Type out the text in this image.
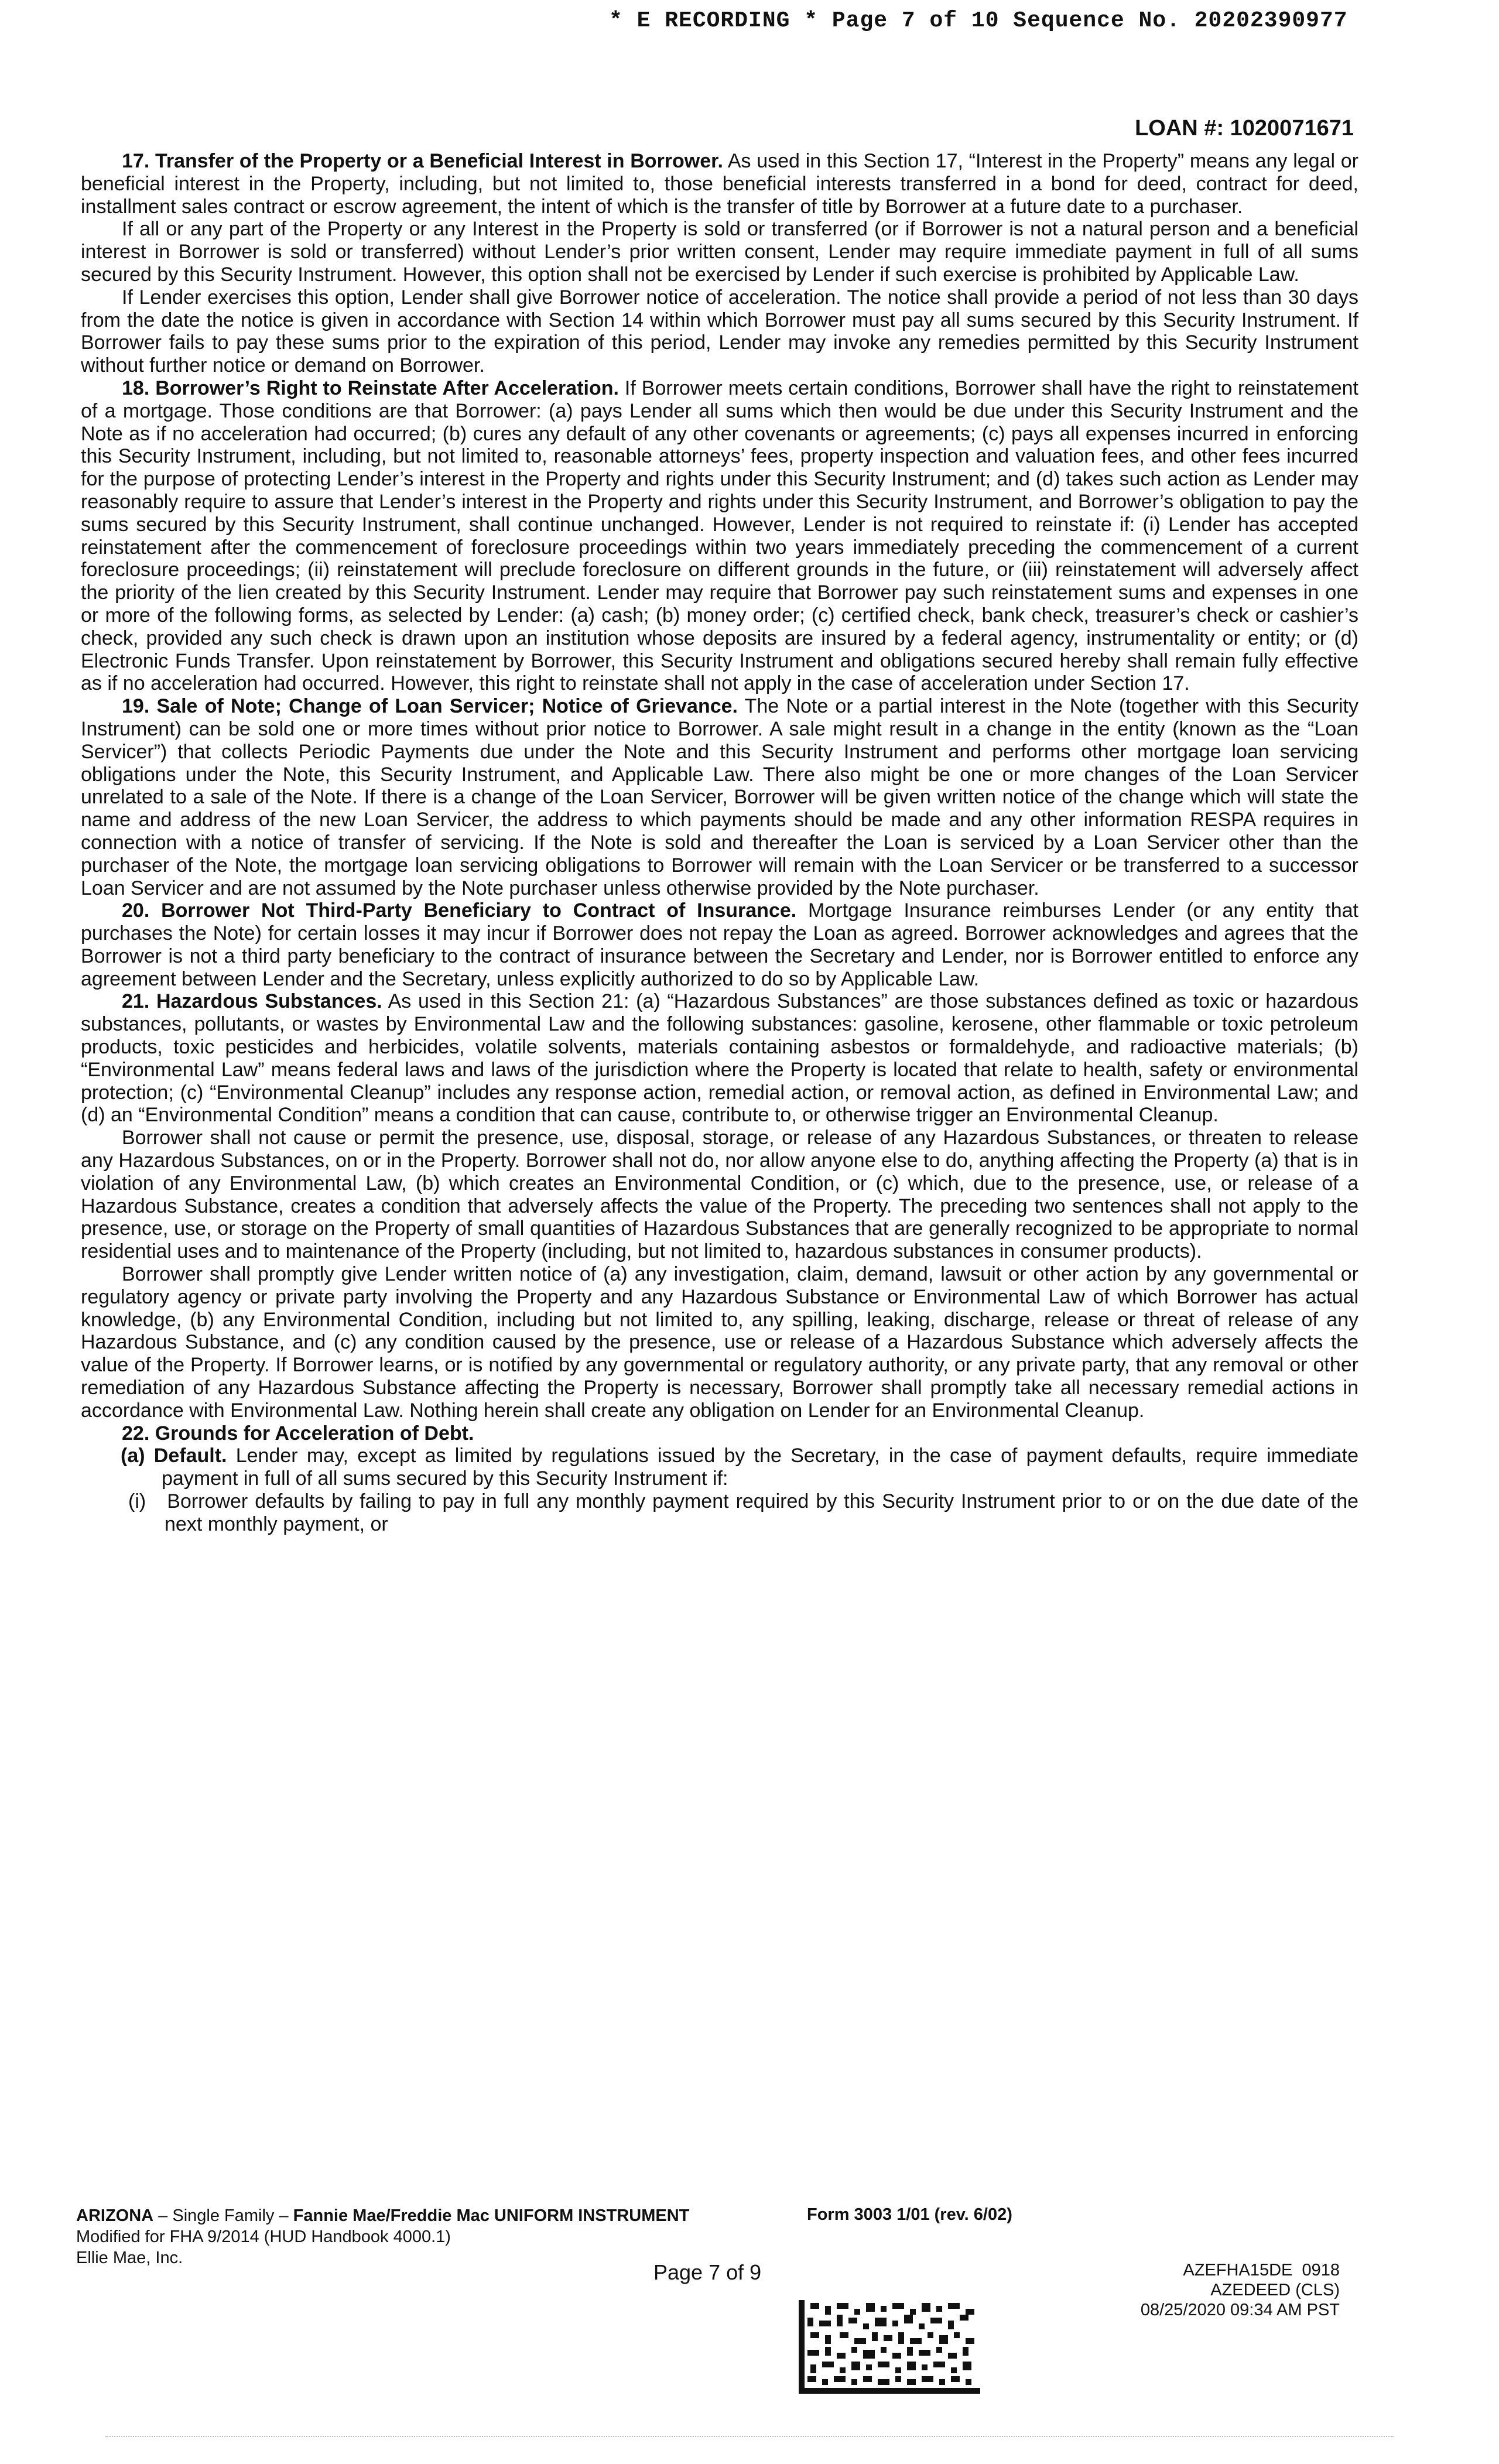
* E RECORDING * Page 7 of 10 Sequence No. 20202390977
LOAN #: 1020071671

17. Transfer of the Property or a Beneficial Interest in Borrower. As used in this Section 17, “Interest in the Property” means any legal or beneficial interest in the Property, including, but not limited to, those beneficial interests transferred in a bond for deed, contract for deed, installment sales contract or escrow agreement, the intent of which is the transfer of title by Borrower at a future date to a purchaser.

If all or any part of the Property or any Interest in the Property is sold or transferred (or if Borrower is not a natural person and a beneficial interest in Borrower is sold or transferred) without Lender’s prior written consent, Lender may require immediate payment in full of all sums secured by this Security Instrument. However, this option shall not be exercised by Lender if such exercise is prohibited by Applicable Law.

If Lender exercises this option, Lender shall give Borrower notice of acceleration. The notice shall provide a period of not less than 30 days from the date the notice is given in accordance with Section 14 within which Borrower must pay all sums secured by this Security Instrument. If Borrower fails to pay these sums prior to the expiration of this period, Lender may invoke any remedies permitted by this Security Instrument without further notice or demand on Borrower.

18. Borrower’s Right to Reinstate After Acceleration. If Borrower meets certain conditions, Borrower shall have the right to reinstatement of a mortgage. Those conditions are that Borrower: (a) pays Lender all sums which then would be due under this Security Instrument and the Note as if no acceleration had occurred; (b) cures any default of any other covenants or agreements; (c) pays all expenses incurred in enforcing this Security Instrument, including, but not limited to, reasonable attorneys’ fees, property inspection and valuation fees, and other fees incurred for the purpose of protecting Lender’s interest in the Property and rights under this Security Instrument; and (d) takes such action as Lender may reasonably require to assure that Lender’s interest in the Property and rights under this Security Instrument, and Borrower’s obligation to pay the sums secured by this Security Instrument, shall continue unchanged. However, Lender is not required to reinstate if: (i) Lender has accepted reinstatement after the commencement of foreclosure proceedings within two years immediately preceding the commencement of a current foreclosure proceedings; (ii) reinstatement will preclude foreclosure on different grounds in the future, or (iii) reinstatement will adversely affect the priority of the lien created by this Security Instrument. Lender may require that Borrower pay such reinstatement sums and expenses in one or more of the following forms, as selected by Lender: (a) cash; (b) money order; (c) certified check, bank check, treasurer’s check or cashier’s check, provided any such check is drawn upon an institution whose deposits are insured by a federal agency, instrumentality or entity; or (d) Electronic Funds Transfer. Upon reinstatement by Borrower, this Security Instrument and obligations secured hereby shall remain fully effective as if no acceleration had occurred. However, this right to reinstate shall not apply in the case of acceleration under Section 17.

19. Sale of Note; Change of Loan Servicer; Notice of Grievance. The Note or a partial interest in the Note (together with this Security Instrument) can be sold one or more times without prior notice to Borrower. A sale might result in a change in the entity (known as the “Loan Servicer”) that collects Periodic Payments due under the Note and this Security Instrument and performs other mortgage loan servicing obligations under the Note, this Security Instrument, and Applicable Law. There also might be one or more changes of the Loan Servicer unrelated to a sale of the Note. If there is a change of the Loan Servicer, Borrower will be given written notice of the change which will state the name and address of the new Loan Servicer, the address to which payments should be made and any other information RESPA requires in connection with a notice of transfer of servicing. If the Note is sold and thereafter the Loan is serviced by a Loan Servicer other than the purchaser of the Note, the mortgage loan servicing obligations to Borrower will remain with the Loan Servicer or be transferred to a successor Loan Servicer and are not assumed by the Note purchaser unless otherwise provided by the Note purchaser.

20. Borrower Not Third-Party Beneficiary to Contract of Insurance. Mortgage Insurance reimburses Lender (or any entity that purchases the Note) for certain losses it may incur if Borrower does not repay the Loan as agreed. Borrower acknowledges and agrees that the Borrower is not a third party beneficiary to the contract of insurance between the Secretary and Lender, nor is Borrower entitled to enforce any agreement between Lender and the Secretary, unless explicitly authorized to do so by Applicable Law.

21. Hazardous Substances. As used in this Section 21: (a) “Hazardous Substances” are those substances defined as toxic or hazardous substances, pollutants, or wastes by Environmental Law and the following substances: gasoline, kerosene, other flammable or toxic petroleum products, toxic pesticides and herbicides, volatile solvents, materials containing asbestos or formaldehyde, and radioactive materials; (b) “Environmental Law” means federal laws and laws of the jurisdiction where the Property is located that relate to health, safety or environmental protection; (c) “Environmental Cleanup” includes any response action, remedial action, or removal action, as defined in Environmental Law; and (d) an “Environmental Condition” means a condition that can cause, contribute to, or otherwise trigger an Environmental Cleanup.

Borrower shall not cause or permit the presence, use, disposal, storage, or release of any Hazardous Substances, or threaten to release any Hazardous Substances, on or in the Property. Borrower shall not do, nor allow anyone else to do, anything affecting the Property (a) that is in violation of any Environmental Law, (b) which creates an Environmental Condition, or (c) which, due to the presence, use, or release of a Hazardous Substance, creates a condition that adversely affects the value of the Property. The preceding two sentences shall not apply to the presence, use, or storage on the Property of small quantities of Hazardous Substances that are generally recognized to be appropriate to normal residential uses and to maintenance of the Property (including, but not limited to, hazardous substances in consumer products).

Borrower shall promptly give Lender written notice of (a) any investigation, claim, demand, lawsuit or other action by any governmental or regulatory agency or private party involving the Property and any Hazardous Substance or Environmental Law of which Borrower has actual knowledge, (b) any Environmental Condition, including but not limited to, any spilling, leaking, discharge, release or threat of release of any Hazardous Substance, and (c) any condition caused by the presence, use or release of a Hazardous Substance which adversely affects the value of the Property. If Borrower learns, or is notified by any governmental or regulatory authority, or any private party, that any removal or other remediation of any Hazardous Substance affecting the Property is necessary, Borrower shall promptly take all necessary remedial actions in accordance with Environmental Law. Nothing herein shall create any obligation on Lender for an Environmental Cleanup.

22. Grounds for Acceleration of Debt.

(a) Default. Lender may, except as limited by regulations issued by the Secretary, in the case of payment defaults, require immediate payment in full of all sums secured by this Security Instrument if:

(i) Borrower defaults by failing to pay in full any monthly payment required by this Security Instrument prior to or on the due date of the next monthly payment, or

ARIZONA – Single Family – Fannie Mae/Freddie Mac UNIFORM INSTRUMENT
Modified for FHA 9/2014 (HUD Handbook 4000.1)
Ellie Mae, Inc.
Form 3003 1/01 (rev. 6/02)
Page 7 of 9	AZEFHA15DE  0918
AZEDEED (CLS)
08/25/2020 09:34 AM PST
